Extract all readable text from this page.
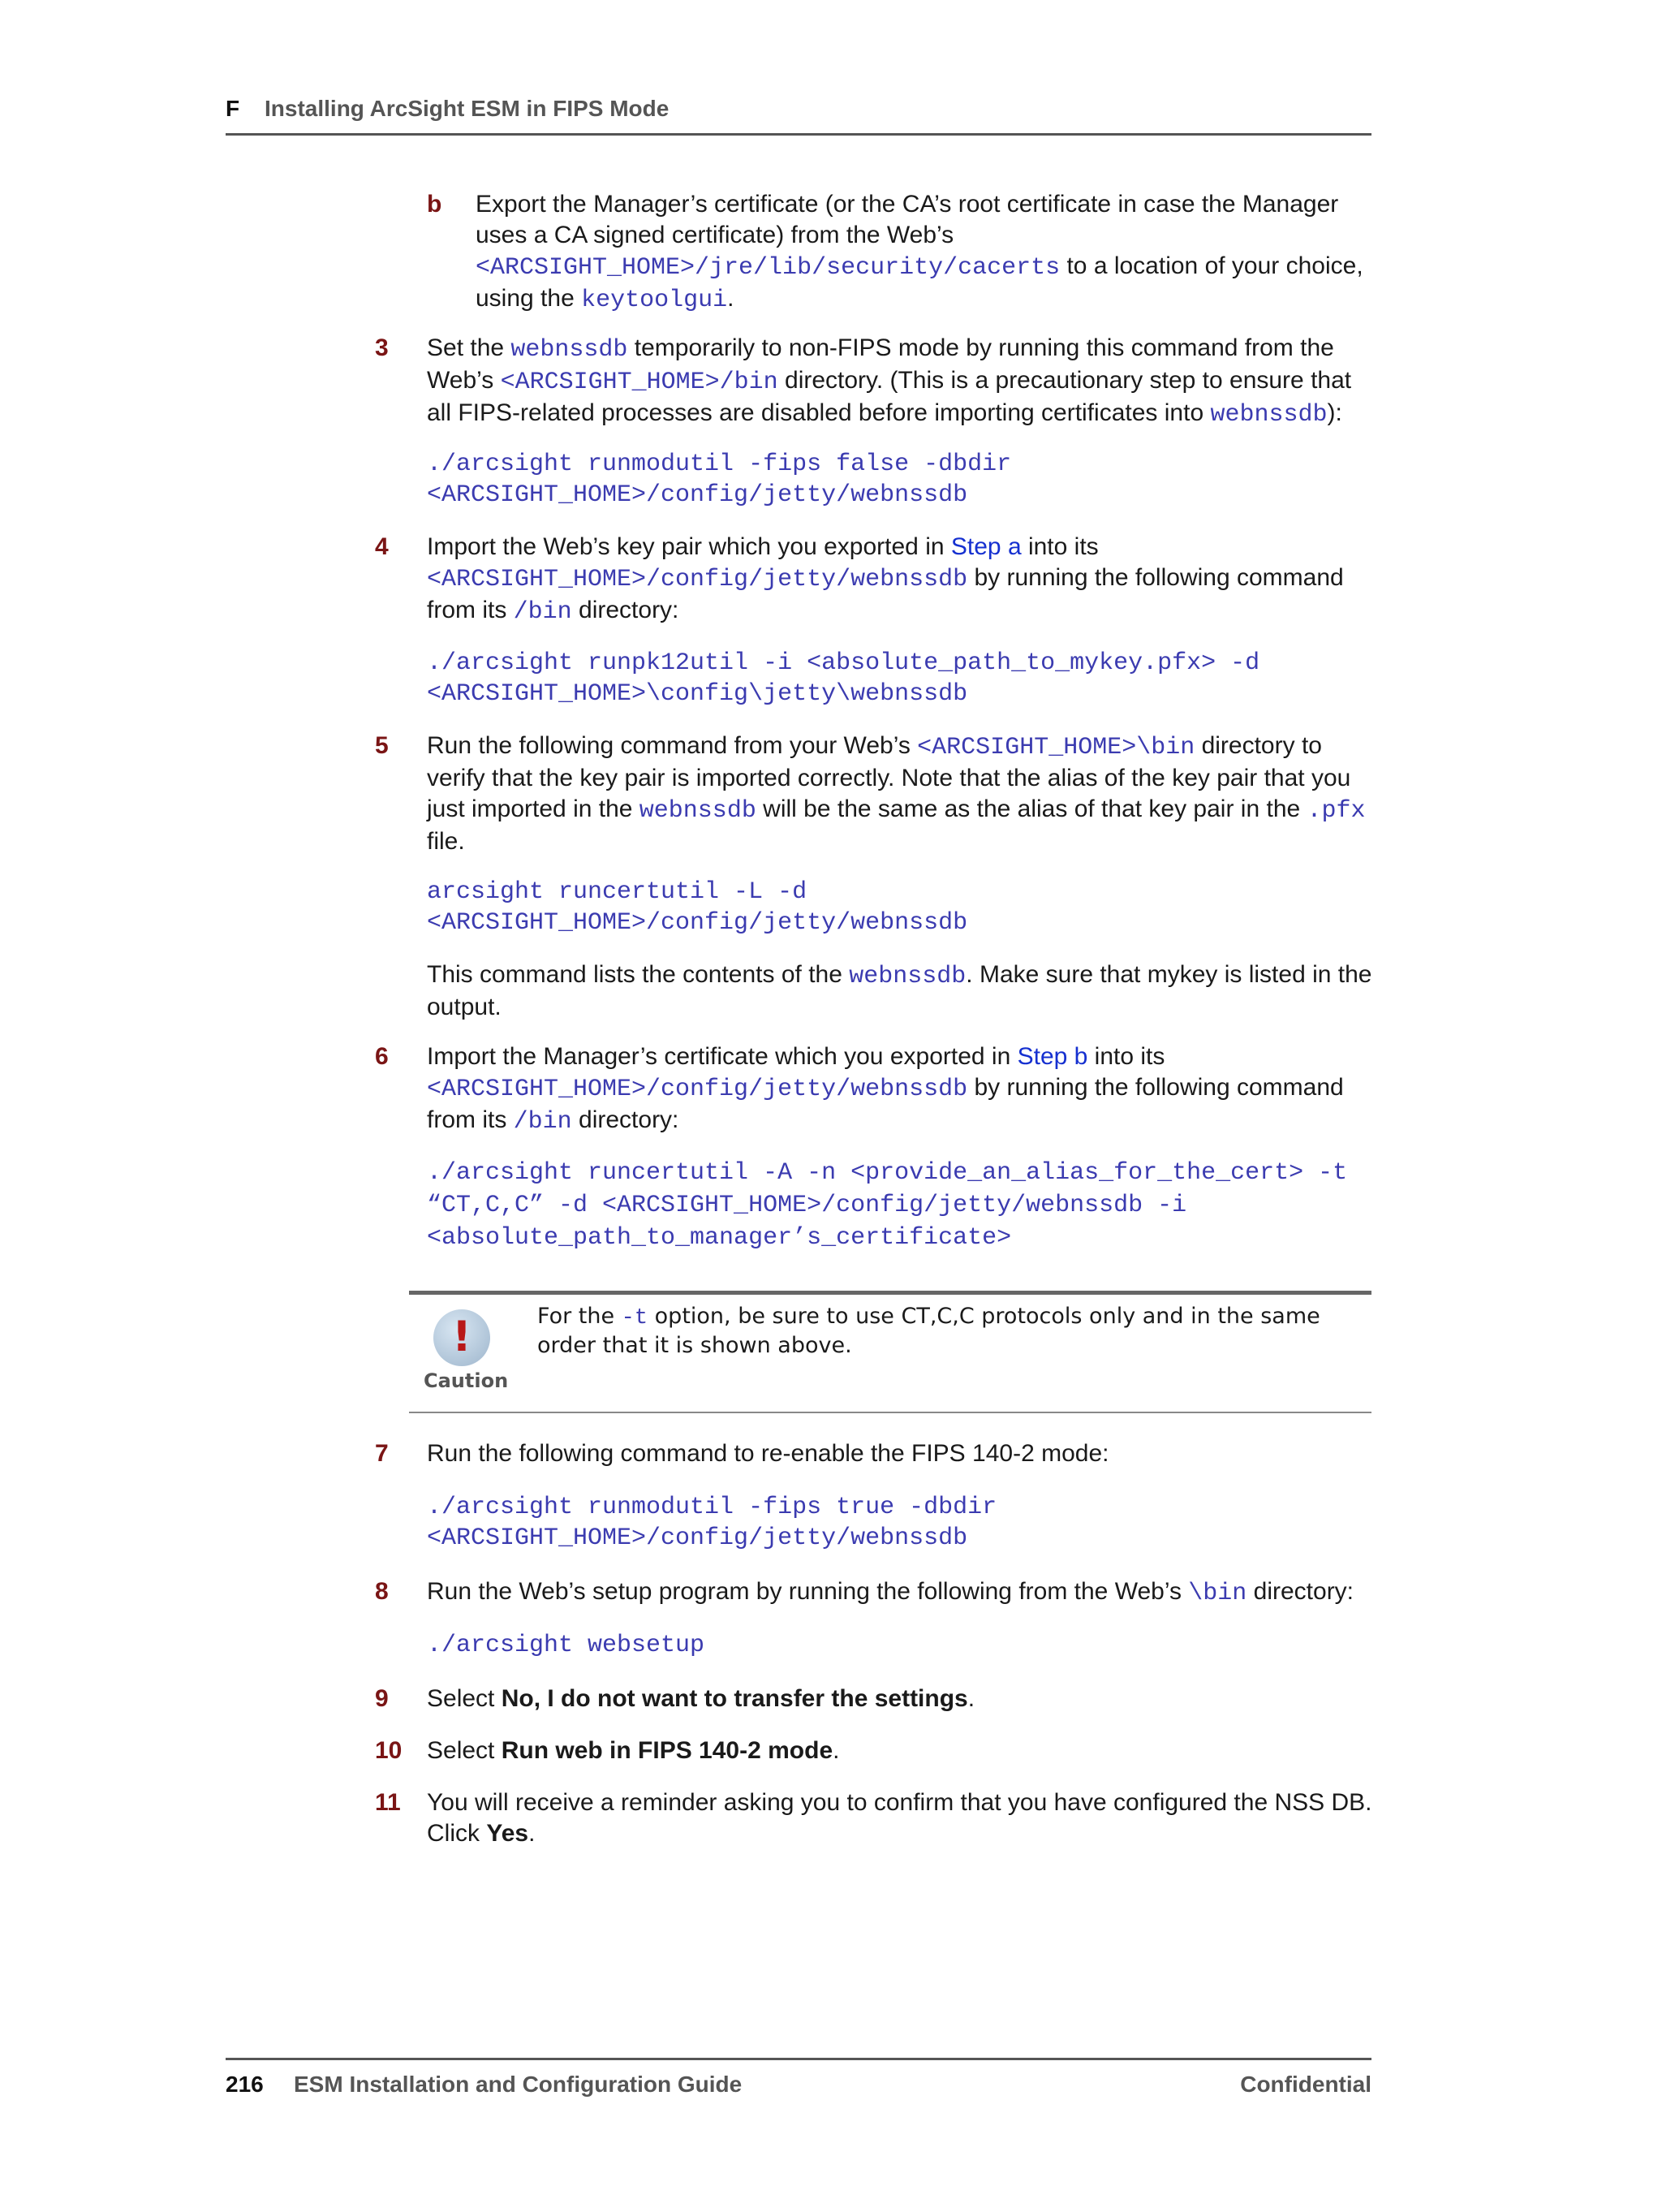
F Installing ArcSight ESM in FIPS Mode
b	Export the Manager’s certificate (or the CA’s root certificate in case the Manager uses a CA signed certificate) from the Web’s <ARCSIGHT_HOME>/jre/lib/security/cacerts to a location of your choice, using the keytoolgui.
3	Set the webnssdb temporarily to non-FIPS mode by running this command from the Web’s <ARCSIGHT_HOME>/bin directory. (This is a precautionary step to ensure that all FIPS-related processes are disabled before importing certificates into webnssdb):
./arcsight runmodutil -fips false -dbdir
<ARCSIGHT_HOME>/config/jetty/webnssdb
4	Import the Web’s key pair which you exported in Step a into its <ARCSIGHT_HOME>/config/jetty/webnssdb by running the following command from its /bin directory:
./arcsight runpk12util -i <absolute_path_to_mykey.pfx> -d
<ARCSIGHT_HOME>\config\jetty\webnssdb
5	Run the following command from your Web’s <ARCSIGHT_HOME>\bin directory to verify that the key pair is imported correctly. Note that the alias of the key pair that you just imported in the webnssdb will be the same as the alias of that key pair in the .pfx file.
arcsight runcertutil -L -d
<ARCSIGHT_HOME>/config/jetty/webnssdb
This command lists the contents of the webnssdb. Make sure that mykey is listed in the output.
6	Import the Manager’s certificate which you exported in Step b into its <ARCSIGHT_HOME>/config/jetty/webnssdb by running the following command from its /bin directory:
./arcsight runcertutil -A -n <provide_an_alias_for_the_cert> -t
“CT,C,C” -d <ARCSIGHT_HOME>/config/jetty/webnssdb -i
<absolute_path_to_manager’s_certificate>
!
Caution
For the -t option, be sure to use CT,C,C protocols only and in the same order that it is shown above.
7	Run the following command to re-enable the FIPS 140-2 mode:
./arcsight runmodutil -fips true -dbdir
<ARCSIGHT_HOME>/config/jetty/webnssdb
8	Run the Web’s setup program by running the following from the Web’s \bin directory:
./arcsight websetup
9	Select No, I do not want to transfer the settings.
10	Select Run web in FIPS 140-2 mode.
11	You will receive a reminder asking you to confirm that you have configured the NSS DB. Click Yes.
216 ESM Installation and Configuration Guide	Confidential
